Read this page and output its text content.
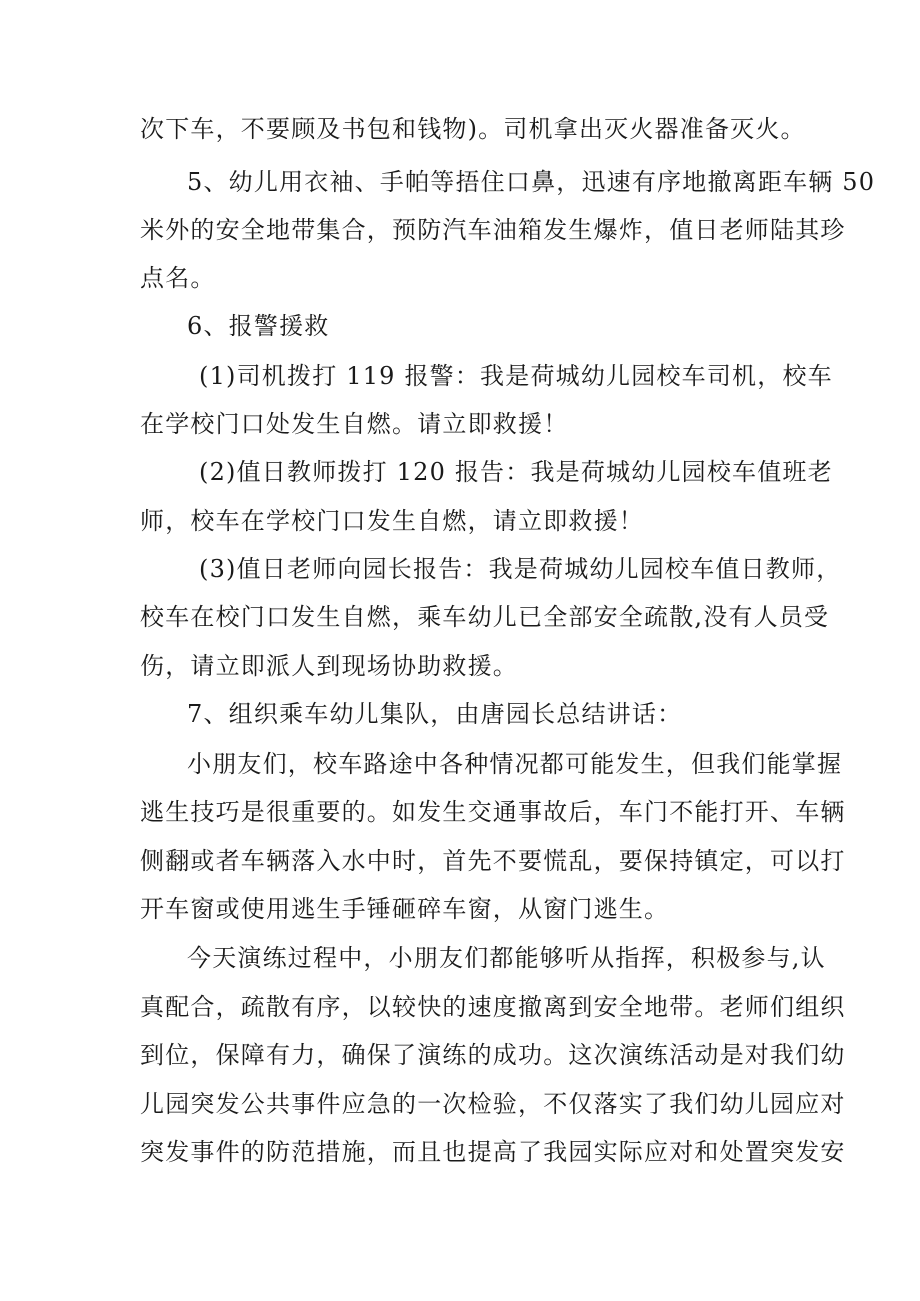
次下车，不要顾及书包和钱物)。司机拿出灭火器准备灭火。
5、幼儿用衣袖、手帕等捂住口鼻，迅速有序地撤离距车辆 50
米外的安全地带集合，预防汽车油箱发生爆炸，值日老师陆其珍
点名。
6、报警援救
(1)司机拨打 119 报警：我是荷城幼儿园校车司机，校车
在学校门口处发生自燃。请立即救援！
(2)值日教师拨打 120 报告：我是荷城幼儿园校车值班老
师，校车在学校门口发生自燃，请立即救援！
(3)值日老师向园长报告：我是荷城幼儿园校车值日教师，
校车在校门口发生自燃，乘车幼儿已全部安全疏散,没有人员受
伤，请立即派人到现场协助救援。
7、组织乘车幼儿集队，由唐园长总结讲话：
小朋友们，校车路途中各种情况都可能发生，但我们能掌握
逃生技巧是很重要的。如发生交通事故后，车门不能打开、车辆
侧翻或者车辆落入水中时，首先不要慌乱，要保持镇定，可以打
开车窗或使用逃生手锤砸碎车窗，从窗门逃生。
今天演练过程中，小朋友们都能够听从指挥，积极参与,认
真配合，疏散有序，以较快的速度撤离到安全地带。老师们组织
到位，保障有力，确保了演练的成功。这次演练活动是对我们幼
儿园突发公共事件应急的一次检验，不仅落实了我们幼儿园应对
突发事件的防范措施，而且也提高了我园实际应对和处置突发安
